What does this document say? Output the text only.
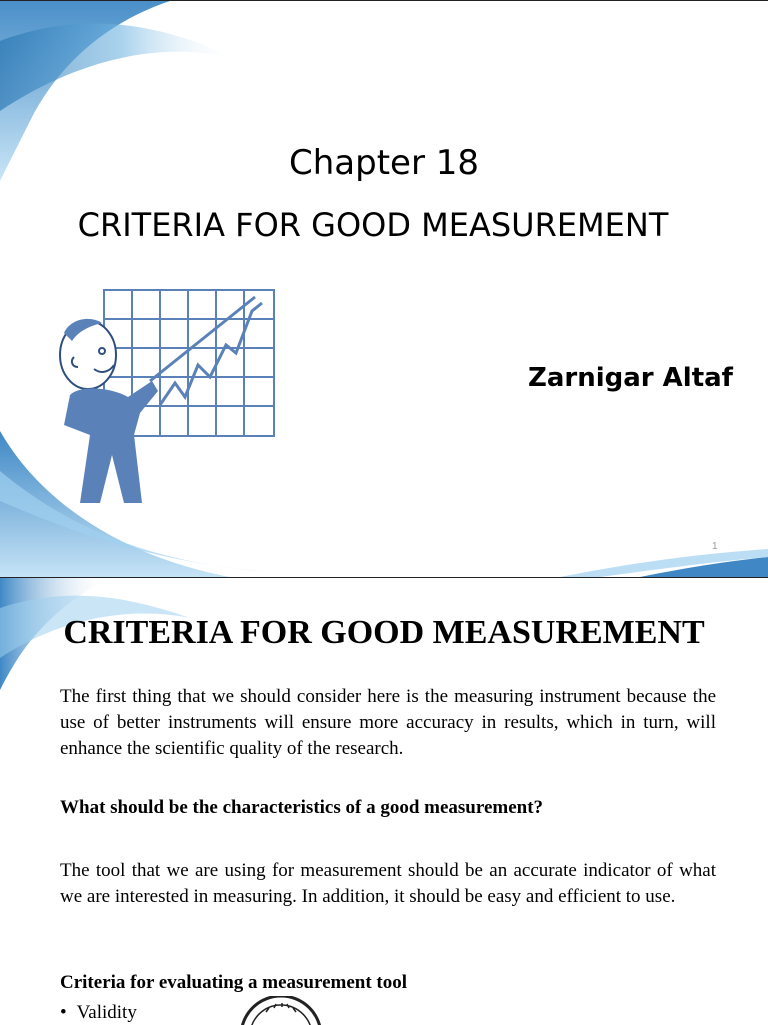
Chapter 18
CRITERIA FOR GOOD MEASUREMENT
Zarnigar Altaf
1
CRITERIA FOR GOOD MEASUREMENT
The first thing that we should consider here is the measuring instrument because the use of better instruments will ensure more accuracy in results, which in turn, will enhance the scientific quality of the research.
What should be the characteristics of a good measurement?
The tool that we are using for measurement should be an accurate indicator of what we are interested in measuring. In addition, it should be easy and efficient to use.
Criteria for evaluating a measurement tool
• Validity
